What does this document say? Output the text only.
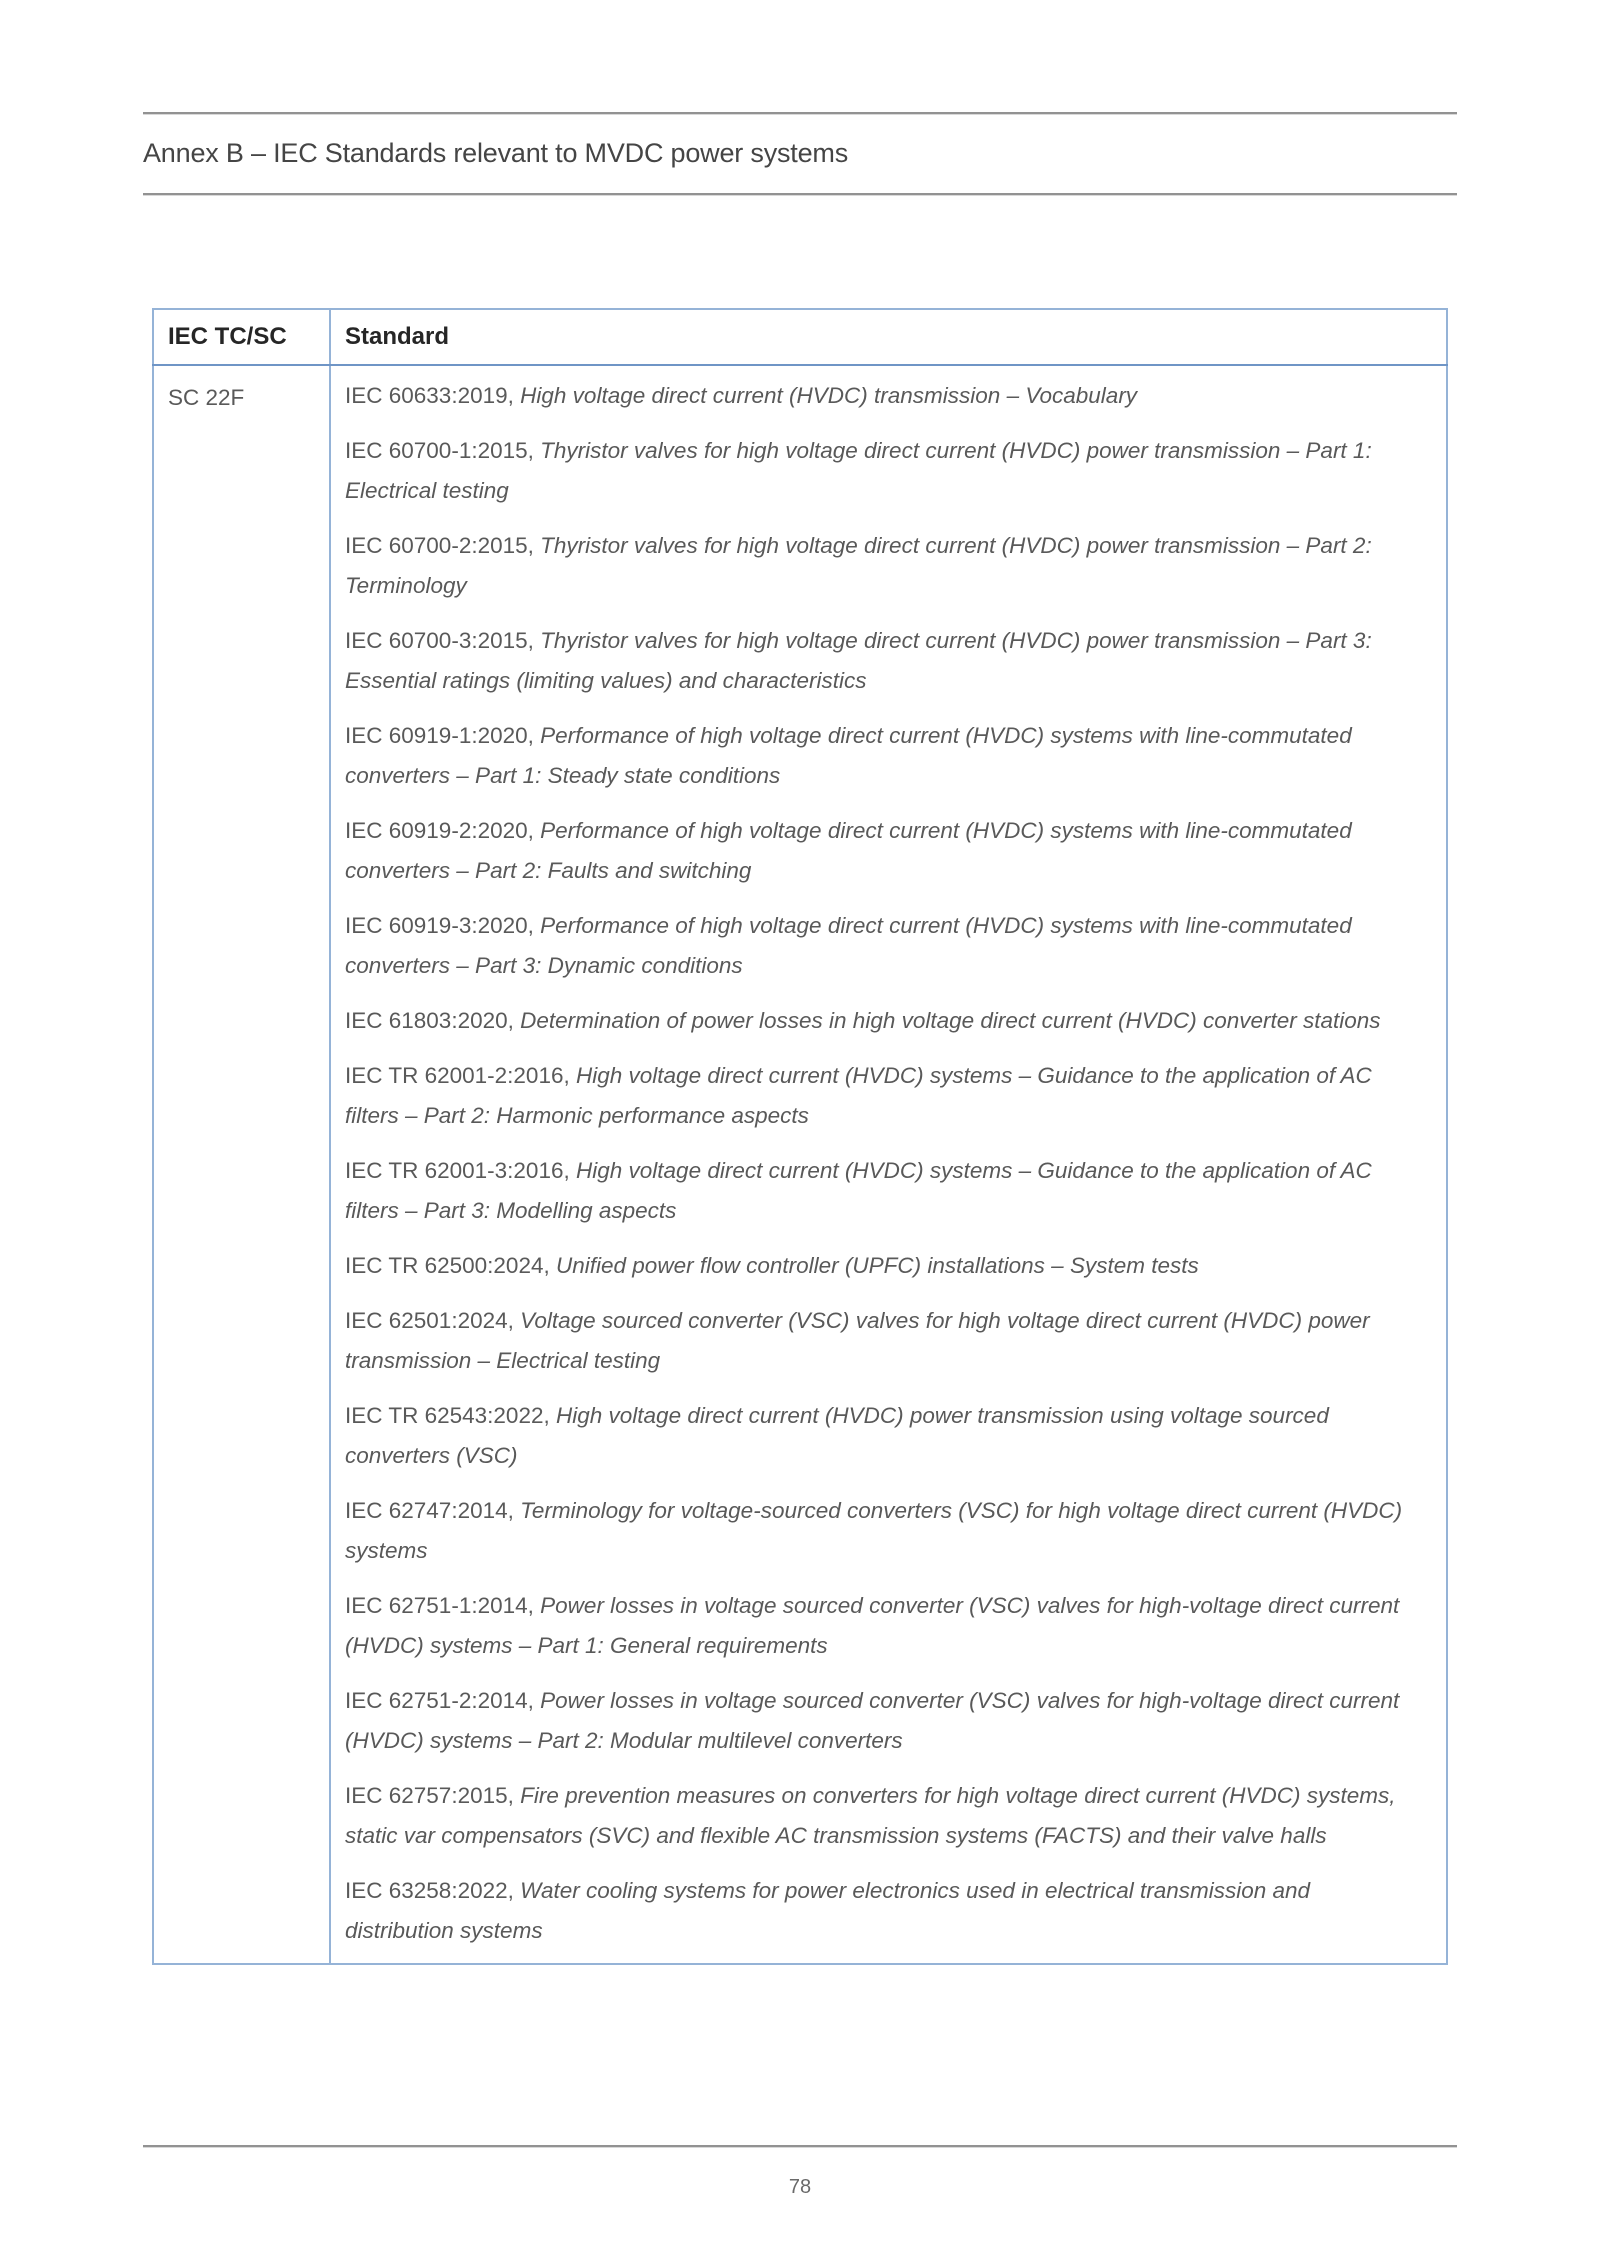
Annex B – IEC Standards relevant to MVDC power systems
IEC TC/SC	Standard
SC 22F	IEC 60633:2019, High voltage direct current (HVDC) transmission – Vocabulary

IEC 60700-1:2015, Thyristor valves for high voltage direct current (HVDC) power transmission – Part 1: Electrical testing

IEC 60700-2:2015, Thyristor valves for high voltage direct current (HVDC) power transmission – Part 2: Terminology

IEC 60700-3:2015, Thyristor valves for high voltage direct current (HVDC) power transmission – Part 3: Essential ratings (limiting values) and characteristics

IEC 60919-1:2020, Performance of high voltage direct current (HVDC) systems with line-commutated converters – Part 1: Steady state conditions

IEC 60919-2:2020, Performance of high voltage direct current (HVDC) systems with line-commutated converters – Part 2: Faults and switching

IEC 60919-3:2020, Performance of high voltage direct current (HVDC) systems with line-commutated converters – Part 3: Dynamic conditions

IEC 61803:2020, Determination of power losses in high voltage direct current (HVDC) converter stations

IEC TR 62001-2:2016, High voltage direct current (HVDC) systems – Guidance to the application of AC filters – Part 2: Harmonic performance aspects

IEC TR 62001-3:2016, High voltage direct current (HVDC) systems – Guidance to the application of AC filters – Part 3: Modelling aspects

IEC TR 62500:2024, Unified power flow controller (UPFC) installations – System tests

IEC 62501:2024, Voltage sourced converter (VSC) valves for high voltage direct current (HVDC) power transmission – Electrical testing

IEC TR 62543:2022, High voltage direct current (HVDC) power transmission using voltage sourced converters (VSC)

IEC 62747:2014, Terminology for voltage-sourced converters (VSC) for high voltage direct current (HVDC) systems

IEC 62751-1:2014, Power losses in voltage sourced converter (VSC) valves for high-voltage direct current (HVDC) systems – Part 1: General requirements

IEC 62751-2:2014, Power losses in voltage sourced converter (VSC) valves for high-voltage direct current (HVDC) systems – Part 2: Modular multilevel converters

IEC 62757:2015, Fire prevention measures on converters for high voltage direct current (HVDC) systems, static var compensators (SVC) and flexible AC transmission systems (FACTS) and their valve halls

IEC 63258:2022, Water cooling systems for power electronics used in electrical transmission and distribution systems

78
